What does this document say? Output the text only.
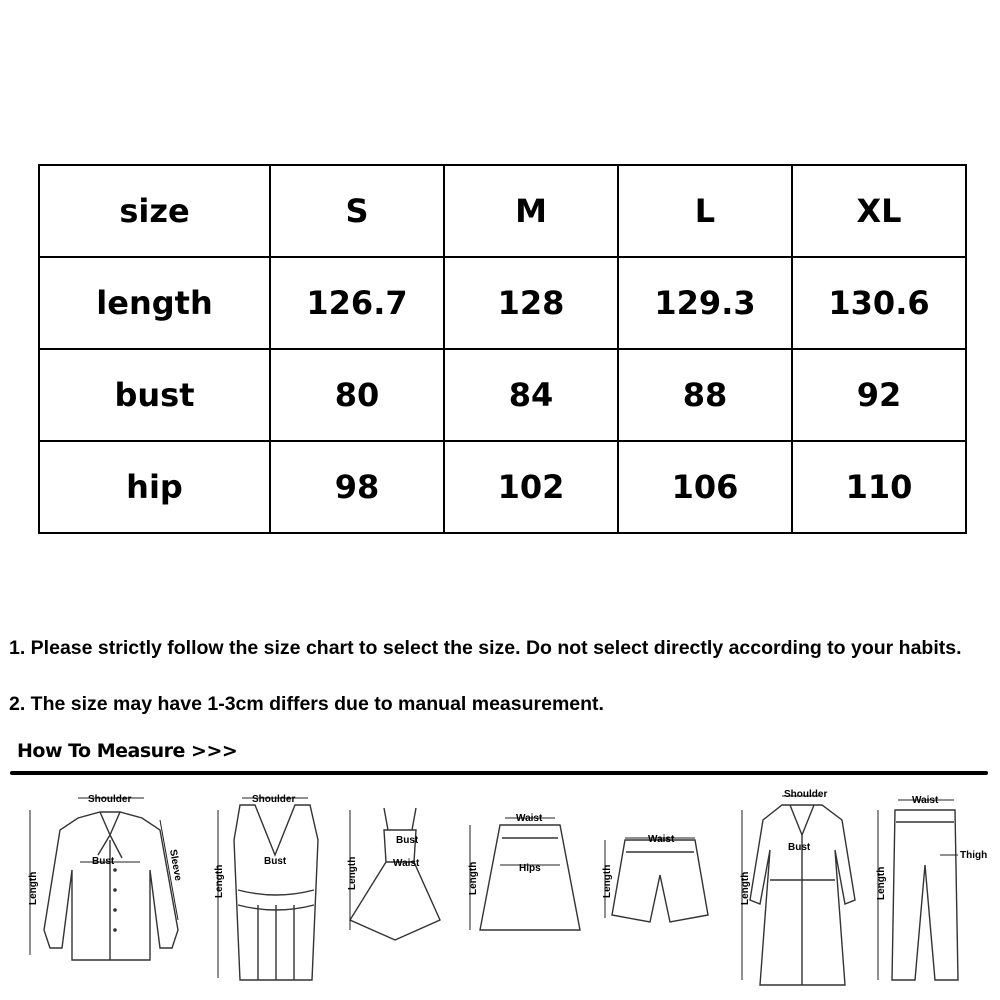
size	S	M	L	XL
length	126.7	128	129.3	130.6
bust	80	84	88	92
hip	98	102	106	110

1. Please strictly follow the size chart to select the size. Do not select directly according to your habits.

2. The size may have 1-3cm differs due to manual measurement.

How To Measure >>>

Shoulder
Bust
Length
Sleeve
Shoulder
Bust
Length
Bust
Waist
Length
Waist
Hips
Length
Waist
Length
Shoulder
Bust
Length
Waist
Thigh
Length
